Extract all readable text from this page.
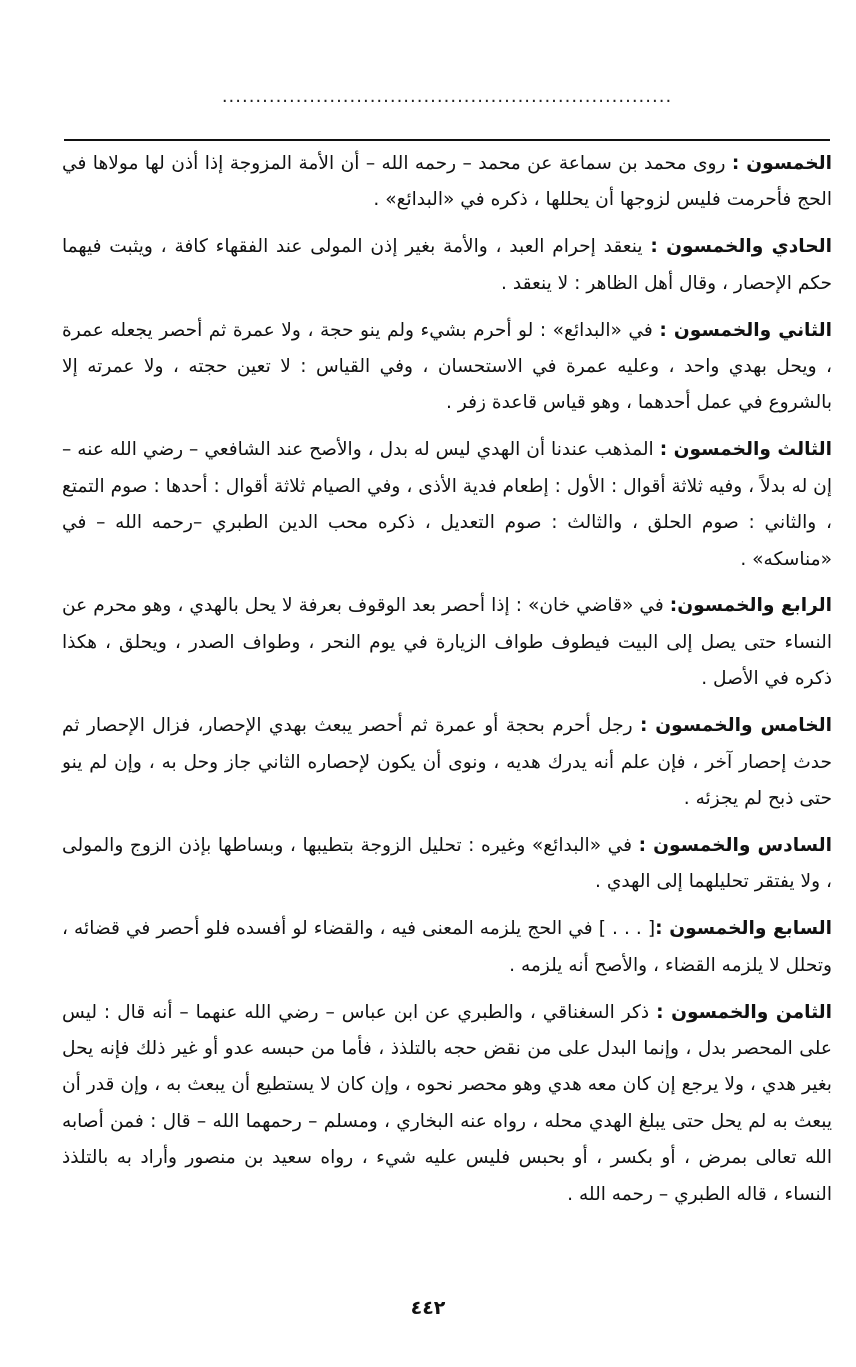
...................................................................

الخمسون : روى محمد بن سماعة عن محمد – رحمه الله – أن الأمة المزوجة إذا أذن لها مولاها في الحج فأحرمت فليس لزوجها أن يحللها ، ذكره في «البدائع» .

الحادي والخمسون : ينعقد إحرام العبد ، والأمة بغير إذن المولى عند الفقهاء كافة ، ويثبت فيهما حكم الإحصار ، وقال أهل الظاهر : لا ينعقد .

الثاني والخمسون : في «البدائع» : لو أحرم بشيء ولم ينو حجة ، ولا عمرة ثم أحصر يجعله عمرة ، ويحل بهدي واحد ، وعليه عمرة في الاستحسان ، وفي القياس : لا تعين حجته ، ولا عمرته إلا بالشروع في عمل أحدهما ، وهو قياس قاعدة زفر .

الثالث والخمسون : المذهب عندنا أن الهدي ليس له بدل ، والأصح عند الشافعي – رضي الله عنه – إن له بدلاً ، وفيه ثلاثة أقوال : الأول : إطعام فدية الأذى ، وفي الصيام ثلاثة أقوال : أحدها : صوم التمتع ، والثاني : صوم الحلق ، والثالث : صوم التعديل ، ذكره محب الدين الطبري –رحمه الله – في «مناسكه» .

الرابع والخمسون: في «قاضي خان» : إذا أحصر بعد الوقوف بعرفة لا يحل بالهدي ، وهو محرم عن النساء حتى يصل إلى البيت فيطوف طواف الزيارة في يوم النحر ، وطواف الصدر ، ويحلق ، هكذا ذكره في الأصل .

الخامس والخمسون : رجل أحرم بحجة أو عمرة ثم أحصر يبعث بهدي الإحصار، فزال الإحصار ثم حدث إحصار آخر ، فإن علم أنه يدرك هديه ، ونوى أن يكون لإحصاره الثاني جاز وحل به ، وإن لم ينو حتى ذبح لم يجزئه .

السادس والخمسون : في «البدائع» وغيره : تحليل الزوجة بتطيبها ، وبساطها بإذن الزوج والمولى ، ولا يفتقر تحليلهما إلى الهدي .

السابع والخمسون :[ . . . ] في الحج يلزمه المعنى فيه ، والقضاء لو أفسده فلو أحصر في قضائه ، وتحلل لا يلزمه القضاء ، والأصح أنه يلزمه .

الثامن والخمسون : ذكر السغناقي ، والطبري عن ابن عباس – رضي الله عنهما – أنه قال : ليس على المحصر بدل ، وإنما البدل على من نقض حجه بالتلذذ ، فأما من حبسه عدو أو غير ذلك فإنه يحل بغير هدي ، ولا يرجع إن كان معه هدي وهو محصر نحوه ، وإن كان لا يستطيع أن يبعث به ، وإن قدر أن يبعث به لم يحل حتى يبلغ الهدي محله ، رواه عنه البخاري ، ومسلم – رحمهما الله – قال : فمن أصابه الله تعالى بمرض ، أو بكسر ، أو بحبس فليس عليه شيء ، رواه سعيد بن منصور وأراد به بالتلذذ النساء ، قاله الطبري – رحمه الله .

٤٤٢
